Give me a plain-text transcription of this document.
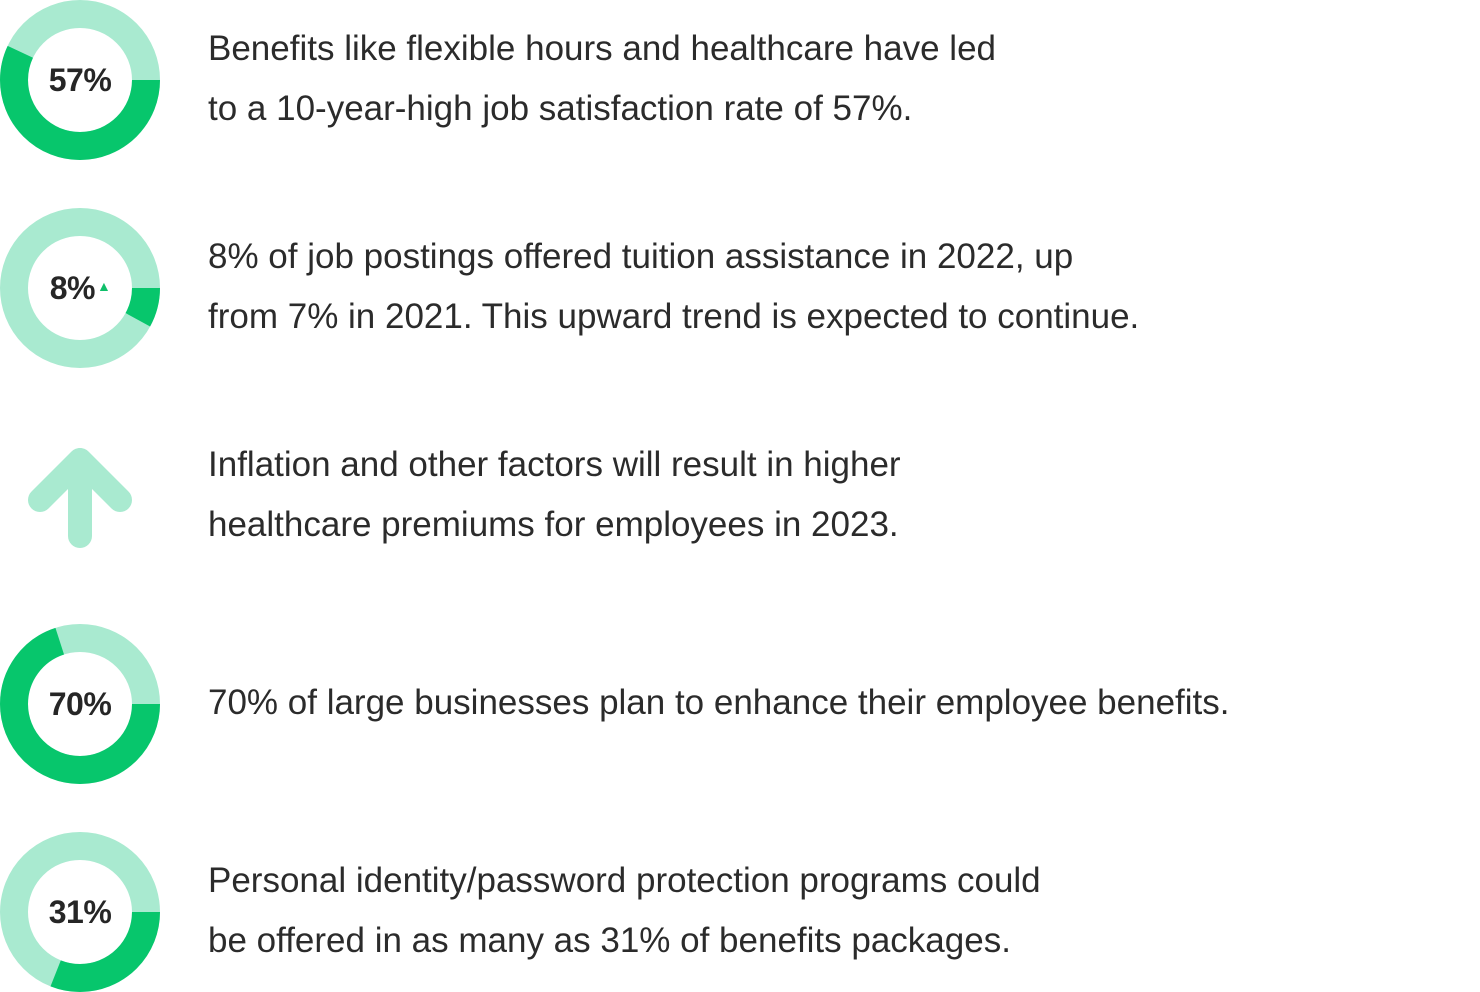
57%
Benefits like flexible hours and healthcare have led
to a 10-year-high job satisfaction rate of 57%.
8% ▲
8% of job postings offered tuition assistance in 2022, up
from 7% in 2021. This upward trend is expected to continue.
Inflation and other factors will result in higher
healthcare premiums for employees in 2023.
70%	70% of large businesses plan to enhance their employee benefits.
31%
Personal identity/password protection programs could
be offered in as many as 31% of benefits packages.
